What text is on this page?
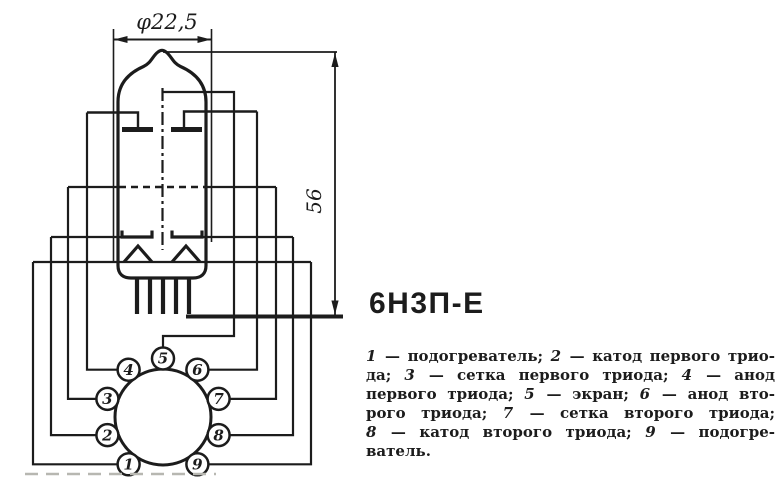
φ22,5
56
1
2
3
4
5
6
7
8
9
6Н3П-Е
1 — подогреватель; 2 — катод первого трио-
да; 3 — сетка первого триода; 4 — анод
первого триода; 5 — экран; 6 — анод вто-
рого триода; 7 — сетка второго триода;
8 — катод второго триода; 9 — подогре-
ватель.
